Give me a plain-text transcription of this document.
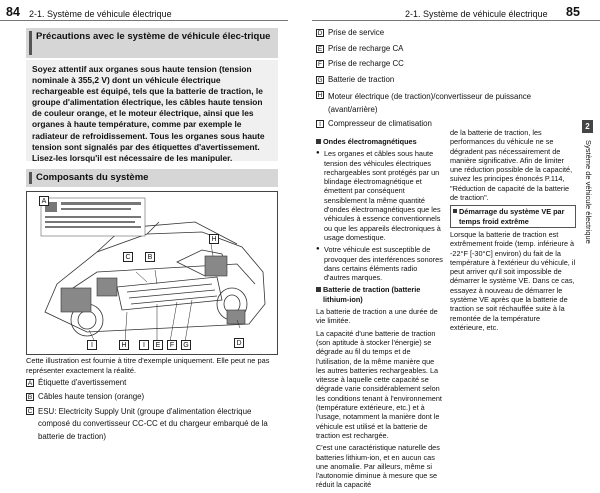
84 2-1. Système de véhicule électrique	2-1. Système de véhicule électrique 85
Précautions avec le système de véhicule élec-trique
Soyez attentif aux organes sous haute tension (tension nominale à 355,2 V) dont un véhicule électrique rechargeable est équipé, tels que la batterie de traction, le groupe d'alimentation électrique, les câbles haute tension de couleur orange, et le moteur électrique, ainsi que les organes à haute température, comme par exemple le radiateur de refroidissement. Tous les organes sous haute tension sont signalés par des étiquettes d'avertissement. Lisez-les lorsqu'il est nécessaire de les manipuler.
Composants du système
A
B
C
D
E	F	G
H
H
I	I
Cette illustration est fournie à titre d'exemple uniquement. Elle peut ne pas représenter exactement la réalité.
A Étiquette d'avertissement
B Câbles haute tension (orange)
C ESU: Electricity Supply Unit (groupe d'alimentation électrique composé du convertisseur CC-CC et du chargeur embarqué de la batterie de traction)
D Prise de service
E Prise de recharge CA
F Prise de recharge CC
G Batterie de traction
H Moteur électrique (de traction)/convertisseur de puissance (avant/arrière)
I Compresseur de climatisation

Ondes électromagnétiques

● Les organes et câbles sous haute tension des véhicules électriques rechargeables sont protégés par un blindage électromagnétique et émettent par conséquent sensiblement la même quantité d'ondes électromagnétiques que les véhicules à essence conventionnels ou que les appareils électroniques à usage domestique.

● Votre véhicule est susceptible de provoquer des interférences sonores dans certains éléments radio d'autres marques.

Batterie de traction (batterie lithium-ion)

La batterie de traction a une durée de vie limitée.

La capacité d'une batterie de traction (son aptitude à stocker l'énergie) se dégrade au fil du temps et de l'utilisation, de la même manière que les autres batteries rechargeables. La vitesse à laquelle cette capacité se dégrade varie considérablement selon les conditions tenant à l'environnement (température extérieure, etc.) et à l'usage, notamment la manière dont le véhicule est utilisé et la batterie de traction est rechargée.

C'est une caractéristique naturelle des batteries lithium-ion, et en aucun cas une anomalie. Par ailleurs, même si l'autonomie diminue à mesure que se réduit la capacité

de la batterie de traction, les performances du véhicule ne se dégradent pas nécessairement de manière significative. Afin de limiter une réduction possible de la capacité, suivez les principes énoncés P.114, "Réduction de capacité de la batterie de traction".

Démarrage du système VE par temps froid extrême

Lorsque la batterie de traction est extrêmement froide (temp. inférieure à -22°F [-30°C] environ) du fait de la température à l'extérieur du véhicule, il peut arriver qu'il soit impossible de démarrer le système VE. Dans ce cas, essayez à nouveau de démarrer le système VE après que la batterie de traction se soit réchauffée suite à la remontée de la température extérieure, etc.

2
Système de véhicule électrique
